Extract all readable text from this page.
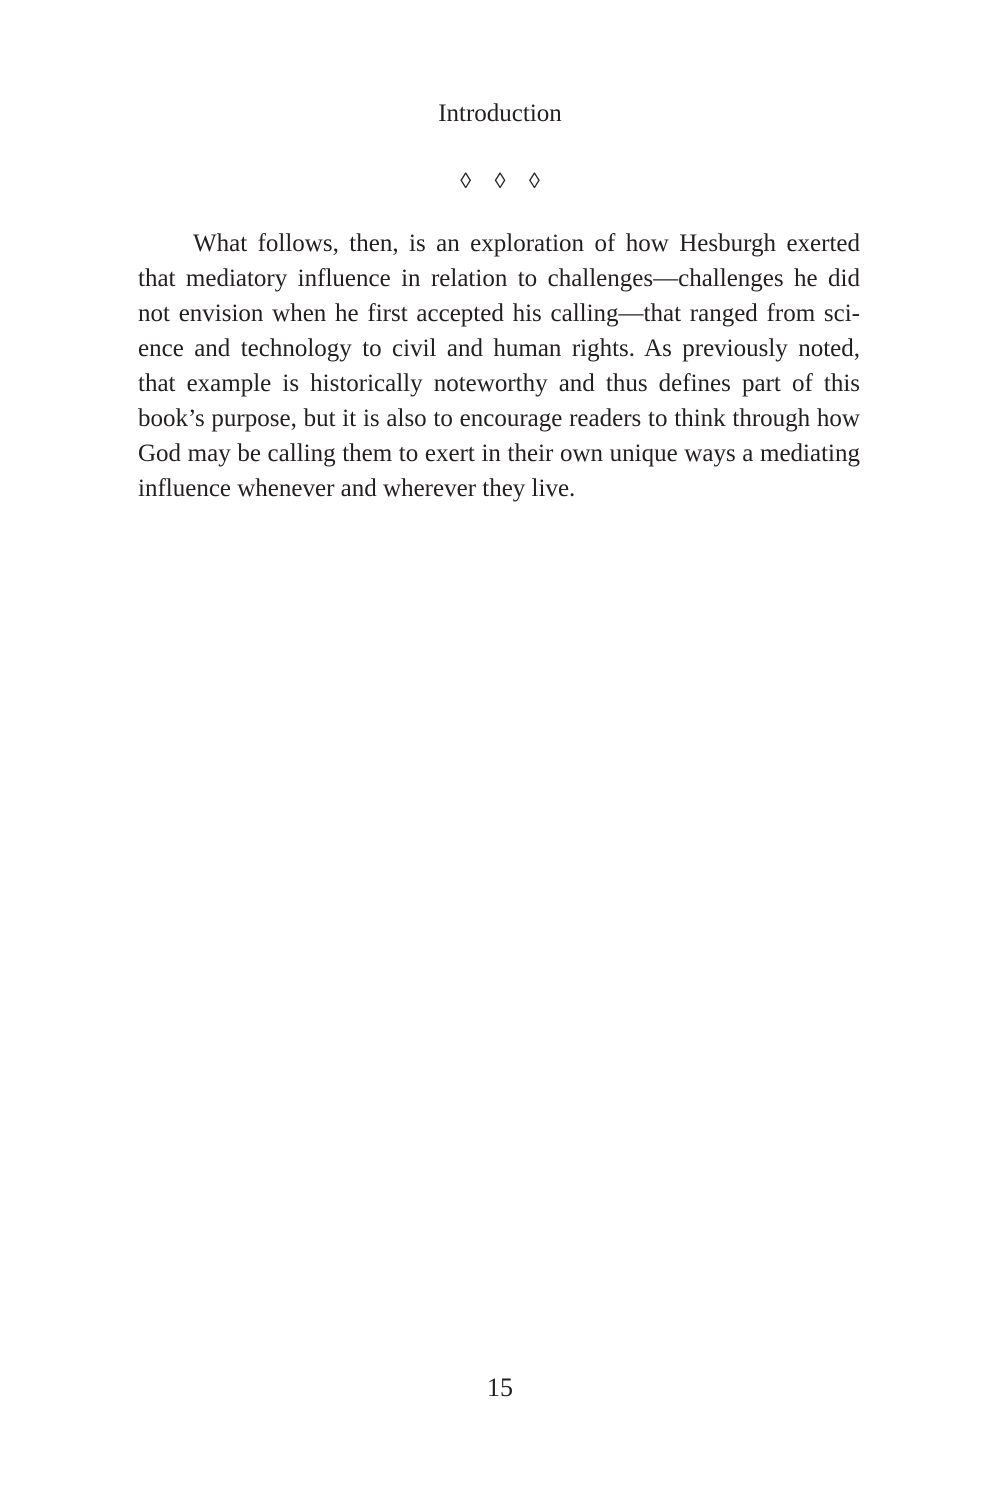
Introduction
◊ ◊ ◊

What follows, then, is an exploration of how Hesburgh exerted
that mediatory influence in relation to challenges—challenges he did
not envision when he first accepted his calling—that ranged from sci-
ence and technology to civil and human rights. As previously noted,
that example is historically noteworthy and thus defines part of this
book’s purpose, but it is also to encourage readers to think through how
God may be calling them to exert in their own unique ways a mediating
influence whenever and wherever they live.

15
